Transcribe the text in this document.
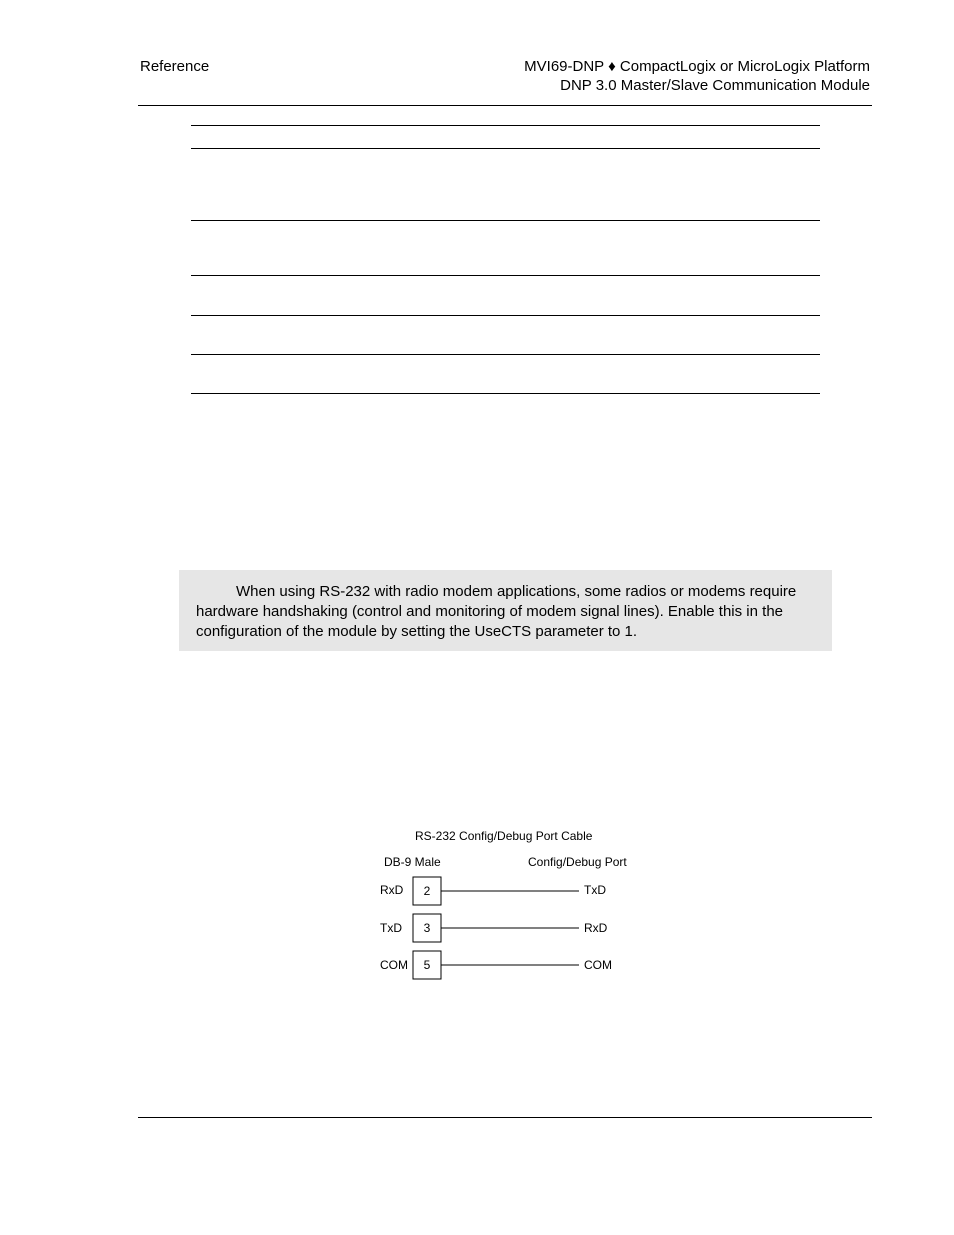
Reference	MVI69-DNP ♦ CompactLogix or MicroLogix Platform
DNP 3.0 Master/Slave Communication Module

When using RS-232 with radio modem applications, some radios or modems require hardware handshaking (control and monitoring of modem signal lines). Enable this in the configuration of the module by setting the UseCTS parameter to 1.

RS-232 Config/Debug Port Cable
DB-9 Male	Config/Debug Port
RxD 2	TxD
TxD 3	RxD
COM 5	COM
